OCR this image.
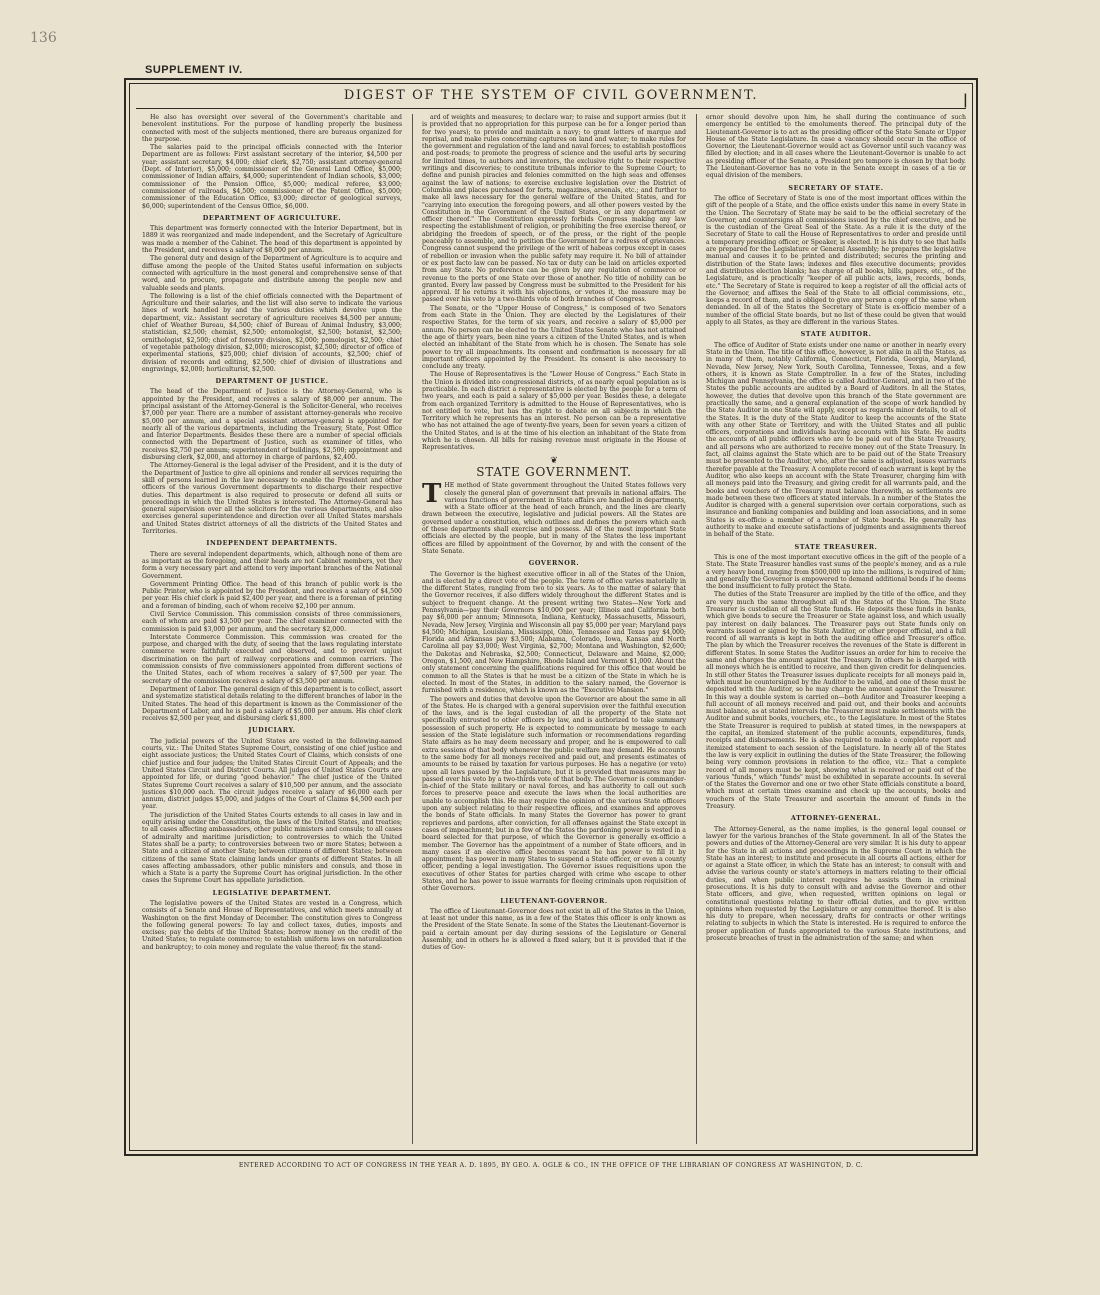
136
SUPPLEMENT IV.
DIGEST OF THE SYSTEM OF CIVIL GOVERNMENT.	|

He also has oversight over several of the Government's charitable and benevolent institutions. For the purpose of handling properly the business connected with most of the subjects mentioned, there are bureaus organized for the purpose.

The salaries paid to the principal officials connected with the Interior Department are as follows: First assistant secretary of the interior, $4,500 per year; assistant secretary, $4,000; chief clerk, $2,750; assistant attorney-general (Dept. of Interior), $5,000; commissioner of the General Land Office, $5,000; commissioner of Indian affairs, $4,000; superintendent of Indian schools, $3,000; commissioner of the Pension Office, $5,000; medical referee, $3,000; commissioner of railroads, $4,500; commissioner of the Patent Office, $5,000; commissioner of the Education Office, $3,000; director of geological surveys, $6,000; superintendent of the Census Office, $6,000.

DEPARTMENT OF AGRICULTURE.

This department was formerly connected with the Interior Department, but in 1889 it was reorganized and made independent, and the Secretary of Agriculture was made a member of the Cabinet. The head of this department is appointed by the President, and receives a salary of $8,000 per annum.

The general duty and design of the Department of Agriculture is to acquire and diffuse among the people of the United States useful information on subjects connected with agriculture in the most general and comprehensive sense of that word, and to procure, propagate and distribute among the people new and valuable seeds and plants.

The following is a list of the chief officials connected with the Department of Agriculture and their salaries, and the list will also serve to indicate the various lines of work handled by and the various duties which devolve upon the department, viz.: Assistant secretary of agriculture receives $4,500 per annum; chief of Weather Bureau, $4,500; chief of Bureau of Animal Industry, $3,000; statistician, $2,500; chemist, $2,500; entomologist, $2,500; botanist, $2,500; ornithologist, $2,500; chief of forestry division, $2,000; pomologist, $2,500; chief of vegetable pathology division, $2,000; microscopist, $2,500; director of office of experimental stations, $25,000; chief division of accounts, $2,500; chief of division of records and editing, $2,500; chief of division of illustrations and engravings, $2,000; horticulturist, $2,500.

DEPARTMENT OF JUSTICE.

The head of the Department of Justice is the Attorney-General, who is appointed by the President, and receives a salary of $8,000 per annum. The principal assistant of the Attorney-General is the Solicitor-General, who receives $7,000 per year. There are a number of assistant attorney-generals who receive $5,000 per annum, and a special assistant attorney-general is appointed for nearly all of the various departments, including the Treasury, State, Post Office and Interior Departments. Besides these there are a number of special officials connected with the Department of Justice, such as examiner of titles, who receives $2,750 per annum; superintendent of buildings, $2,500; appointment and disbursing clerk, $2,000, and attorney in charge of pardons, $2,400.

The Attorney-General is the legal adviser of the President, and it is the duty of the Department of Justice to give all opinions and render all services requiring the skill of persons learned in the law necessary to enable the President and other officers of the various Government departments to discharge their respective duties. This department is also required to prosecute or defend all suits or proceedings in which the United States is interested. The Attorney-General has general supervision over all the solicitors for the various departments, and also exercises general superintendence and direction over all United States marshals and United States district attorneys of all the districts of the United States and Territories.

INDEPENDENT DEPARTMENTS.

There are several independent departments, which, although none of them are as important as the foregoing, and their heads are not Cabinet members, yet they form a very necessary part and attend to very important branches of the National Government.

Government Printing Office. The head of this branch of public work is the Public Printer, who is appointed by the President, and receives a salary of $4,500 per year. His chief clerk is paid $2,400 per year, and there is a foreman of printing and a foreman of binding, each of whom receive $2,100 per annum.

Civil Service Commission. This commission consists of three commissioners, each of whom are paid $3,500 per year. The chief examiner connected with the commission is paid $3,000 per annum, and the secretary $2,000.

Interstate Commerce Commission. This commission was created for the purpose, and charged with the duty, of seeing that the laws regulating interstate commerce were faithfully executed and observed, and to prevent unjust discrimination on the part of railway corporations and common carriers. The commission consists of five commissioners appointed from different sections of the United States, each of whom receives a salary of $7,500 per year. The secretary of the commission receives a salary of $3,500 per annum.

Department of Labor. The general design of this department is to collect, assort and systematize statistical details relating to the different branches of labor in the United States. The head of this department is known as the Commissioner of the Department of Labor, and he is paid a salary of $5,000 per annum. His chief clerk receives $2,500 per year, and disbursing clerk $1,800.

JUDICIARY.

The judicial powers of the United States are vested in the following-named courts, viz.: The United States Supreme Court, consisting of one chief justice and eight associate justices; the United States Court of Claims, which consists of one chief justice and four judges; the United States Circuit Court of Appeals; and the United States Circuit and District Courts. All judges of United States Courts are appointed for life, or during "good behavior." The chief justice of the United States Supreme Court receives a salary of $10,500 per annum, and the associate justices $10,000 each. The circuit judges receive a salary of $6,000 each per annum, district judges $5,000, and judges of the Court of Claims $4,500 each per year.

The jurisdiction of the United States Courts extends to all cases in law and in equity arising under the Constitution, the laws of the United States, and treaties; to all cases affecting ambassadors, other public ministers and consuls; to all cases of admiralty and maritime jurisdiction; to controversies to which the United States shall be a party; to controversies between two or more States; between a State and a citizen of another State; between citizens of different States; between citizens of the same State claiming lands under grants of different States. In all cases affecting ambassadors, other public ministers and consuls, and those in which a State is a party the Supreme Court has original jurisdiction. In the other cases the Supreme Court has appellate jurisdiction.

LEGISLATIVE DEPARTMENT.

The legislative powers of the United States are vested in a Congress, which consists of a Senate and House of Representatives, and which meets annually at Washington on the first Monday of December. The constitution gives to Congress the following general powers: To lay and collect taxes, duties, imposts and excises; pay the debts of the United States; borrow money on the credit of the United States; to regulate commerce; to establish uniform laws on naturalization and bankruptcy; to coin money and regulate the value thereof; fix the stand-

ard of weights and measures; to declare war; to raise and support armies (but it is provided that no appropriation for this purpose can be for a longer period than for two years); to provide and maintain a navy; to grant letters of marque and reprisal, and make rules concerning captures on land and water; to make rules for the government and regulation of the land and naval forces; to establish postoffices and post-roads; to promote the progress of science and the useful arts by securing for limited times, to authors and inventors, the exclusive right to their respective writings and discoveries; to constitute tribunals inferior to the Supreme Court; to define and punish piracies and felonies committed on the high seas and offenses against the law of nations; to exercise exclusive legislation over the District of Columbia and places purchased for forts, magazines, arsenals, etc.; and further to make all laws necessary for the general welfare of the United States, and for "carrying into execution the foregoing powers, and all other powers vested by the Constitution in the Government of the United States, or in any department or officer thereof." The Constitution expressly forbids Congress making any law respecting the establishment of religion, or prohibiting the free exercise thereof, or abridging the freedom of speech, or of the press, or the right of the people peaceably to assemble, and to petition the Government for a redress of grievances. Congress cannot suspend the privilege of the writ of habeas corpus except in cases of rebellion or invasion when the public safety may require it. No bill of attainder or ex post facto law can be passed. No tax or duty can be laid on articles exported from any State. No preference can be given by any regulation of commerce or revenue to the ports of one State over those of another. No title of nobility can be granted. Every law passed by Congress must be submitted to the President for his approval. If he returns it with his objections, or vetoes it, the measure may be passed over his veto by a two-thirds vote of both branches of Congress.

The Senate, or the "Upper House of Congress," is composed of two Senators from each State in the Union. They are elected by the Legislatures of their respective States, for the term of six years, and receive a salary of $5,000 per annum. No person can be elected to the United States Senate who has not attained the age of thirty years, been nine years a citizen of the United States, and is when elected an inhabitant of the State from which he is chosen. The Senate has sole power to try all impeachments. Its consent and confirmation is necessary for all important officers appointed by the President. Its consent is also necessary to conclude any treaty.

The House of Representatives is the "Lower House of Congress." Each State in the Union is divided into congressional districts, of as nearly equal population as is practicable. In each district a representative is elected by the people for a term of two years, and each is paid a salary of $5,000 per year. Besides these, a delegate from each organized Territory is admitted to the House of Representatives, who is not entitled to vote, but has the right to debate on all subjects in which the Territory which he represents has an interest. No person can be a representative who has not attained the age of twenty-five years, been for seven years a citizen of the United States, and is at the time of his election an inhabitant of the State from which he is chosen. All bills for raising revenue must originate in the House of Representatives.

❦
STATE GOVERNMENT.

THE method of State government throughout the United States follows very closely the general plan of government that prevails in national affairs. The various functions of government in State affairs are handled in departments, with a State officer at the head of each branch, and the lines are clearly drawn between the executive, legislative and judicial powers. All the States are governed under a constitution, which outlines and defines the powers which each of these departments shall exercise and possess. All of the most important State officials are elected by the people, but in many of the States the less important offices are filled by appointment of the Governor, by and with the consent of the State Senate.

GOVERNOR.

The Governor is the highest executive officer in all of the States of the Union, and is elected by a direct vote of the people. The term of office varies materially in the different States, ranging from two to six years. As to the matter of salary that the Governor receives, it also differs widely throughout the different States and is subject to frequent change. At the present writing two States—New York and Pennsylvania—pay their Governors $10,000 per year; Illinois and California both pay $6,000 per annum; Minnesota, Indiana, Kentucky, Massachusetts, Missouri, Nevada, New Jersey, Virginia and Wisconsin all pay $5,000 per year; Maryland pays $4,500; Michigan, Louisiana, Mississippi, Ohio, Tennessee and Texas pay $4,000; Florida and Arkansas pay $3,500; Alabama, Colorado, Iowa, Kansas and North Carolina all pay $3,000; West Virginia, $2,700; Montana and Washington, $2,600; the Dakotas and Nebraska, $2,500; Connecticut, Delaware and Maine, $2,000; Oregon, $1,500, and New Hampshire, Rhode Island and Vermont $1,000. About the only statement concerning the qualifications required for this office that would be common to all the States is that he must be a citizen of the State in which he is elected. In most of the States, in addition to the salary named, the Governor is furnished with a residence, which is known as the "Executive Mansion."

The powers and duties that devolve upon the Governor are about the same in all of the States. He is charged with a general supervision over the faithful execution of the laws, and is the legal custodian of all the property of the State not specifically entrusted to other officers by law, and is authorized to take summary possession of such property. He is expected to communicate by message to each session of the State legislature such information or recommendations regarding State affairs as he may deem necessary and proper, and he is empowered to call extra sessions of that body whenever the public welfare may demand. He accounts to the same body for all moneys received and paid out, and presents estimates of amounts to be raised by taxation for various purposes. He has a negative (or veto) upon all laws passed by the Legislature, but it is provided that measures may be passed over his veto by a two-thirds vote of that body. The Governor is commander-in-chief of the State military or naval forces, and has authority to call out such forces to preserve peace and execute the laws when the local authorities are unable to accomplish this. He may require the opinion of the various State officers upon any subject relating to their respective offices, and examines and approves the bonds of State officials. In many States the Governor has power to grant reprieves and pardons, after conviction, for all offenses against the State except in cases of impeachment; but in a few of the States the pardoning power is vested in a board selected for that purpose, of which the Governor is generally ex-officio a member. The Governor has the appointment of a number of State officers, and in many cases if an elective office becomes vacant he has power to fill it by appointment; has power in many States to suspend a State officer, or even a county officer, pending a legal investigation. The Governor issues requisitions upon the executives of other States for parties charged with crime who escape to other States, and he has power to issue warrants for fleeing criminals upon requisition of other Governors.

LIEUTENANT-GOVERNOR.

The office of Lieutenant-Governor does not exist in all of the States in the Union, at least not under this name, as in a few of the States this officer is only known as the President of the State Senate. In some of the States the Lieutenant-Governor is paid a certain amount per day during sessions of the Legislature or General Assembly, and in others he is allowed a fixed salary, but it is provided that if the duties of Gov-

ernor should devolve upon him, he shall during the continuance of such emergency be entitled to the emoluments thereof. The principal duty of the Lieutenant-Governor is to act as the presiding officer of the State Senate or Upper House of the State Legislature. In case a vacancy should occur in the office of Governor, the Lieutenant-Governor would act as Governor until such vacancy was filled by election; and in all cases where the Lieutenant-Governor is unable to act as presiding officer of the Senate, a President pro tempore is chosen by that body. The Lieutenant-Governor has no vote in the Senate except in cases of a tie or equal division of the members.

SECRETARY OF STATE.

The office of Secretary of State is one of the most important offices within the gift of the people of a State, and the office exists under this name in every State in the Union. The Secretary of State may be said to be the official secretary of the Governor, and countersigns all commissions issued by the chief executive, and he is the custodian of the Great Seal of the State. As a rule it is the duty of the Secretary of State to call the House of Representatives to order and preside until a temporary presiding officer, or Speaker, is elected. It is his duty to see that halls are prepared for the Legislature or General Assembly; he prepares the legislative manual and causes it to be printed and distributed; secures the printing and distribution of the State laws; indexes and files executive documents; provides and distributes election blanks; has charge of all books, bills, papers, etc., of the Legislature, and is practically "keeper of all public acts, laws, records, bonds, etc." The Secretary of State is required to keep a register of all the official acts of the Governor, and affixes the Seal of the State to all official commissions, etc., keeps a record of them, and is obliged to give any person a copy of the same when demanded. In all of the States the Secretary of State is ex-officio member of a number of the official State boards, but no list of these could be given that would apply to all States, as they are different in the various States.

STATE AUDITOR.

The office of Auditor of State exists under one name or another in nearly every State in the Union. The title of this office, however, is not alike in all the States, as in many of them, notably California, Connecticut, Florida, Georgia, Maryland, Nevada, New Jersey, New York, South Carolina, Tennessee, Texas, and a few others, it is known as State Comptroller. In a few of the States, including Michigan and Pennsylvania, the office is called Auditor-General, and in two of the States the public accounts are audited by a Board of Auditors. In all the States, however, the duties that devolve upon this branch of the State government are practically the same, and a general explanation of the scope of work handled by the State Auditor in one State will apply, except as regards minor details, to all of the States. It is the duty of the State Auditor to keep the accounts of the State with any other State or Territory, and with the United States and all public officers, corporations and individuals having accounts with his State. He audits the accounts of all public officers who are to be paid out of the State Treasury, and all persons who are authorized to receive money out of the State Treasury. In fact, all claims against the State which are to be paid out of the State Treasury must be presented to the Auditor, who, after the same is adjusted, issues warrants therefor payable at the Treasury. A complete record of each warrant is kept by the Auditor, who also keeps an account with the State Treasurer, charging him with all moneys paid into the Treasury, and giving credit for all warrants paid, and the books and vouchers of the Treasury must balance therewith, as settlements are made between these two officers at stated intervals. In a number of the States the Auditor is charged with a general supervision over certain corporations, such as insurance and banking companies and building and loan associations, and in some States is ex-officio a member of a number of State boards. He generally has authority to make and execute satisfactions of judgments and assignments thereof in behalf of the State.

STATE TREASURER.

This is one of the most important executive offices in the gift of the people of a State. The State Treasurer handles vast sums of the people's money, and as a rule a very heavy bond, ranging from $500,000 up into the millions, is required of him; and generally the Governor is empowered to demand additional bonds if he deems the bond insufficient to fully protect the State.

The duties of the State Treasurer are implied by the title of the office, and they are very much the same throughout all of the States of the Union. The State Treasurer is custodian of all the State funds. He deposits these funds in banks, which give bonds to secure the Treasurer or State against loss, and which usually pay interest on daily balances. The Treasurer pays out State funds only on warrants issued or signed by the State Auditor, or other proper official, and a full record of all warrants is kept in both the auditing office and Treasurer's office. The plan by which the Treasurer receives the revenues of the State is different in different States. In some States the Auditor issues an order for him to receive the same and charges the amount against the Treasury. In others he is charged with all moneys which he is entitled to receive, and then given credit for delinquencies. In still other States the Treasurer issues duplicate receipts for all moneys paid in, which must be countersigned by the Auditor to be valid, and one of these must be deposited with the Auditor, so he may charge the amount against the Treasurer. In this way a double system is carried on—both Auditor and Treasurer keeping a full account of all moneys received and paid out, and their books and accounts must balance, as at stated intervals the Treasurer must make settlements with the Auditor and submit books, vouchers, etc., to the Legislature. In most of the States the State Treasurer is required to publish at stated times, in the newspapers at the capital, an itemized statement of the public accounts, expenditures, funds, receipts and disbursements. He is also required to make a complete report and itemized statement to each session of the Legislature. In nearly all of the States the law is very explicit in outlining the duties of the State Treasurer, the following being very common provisions in relation to the office, viz.: That a complete record of all moneys must be kept, showing what is received or paid out of the various "funds," which "funds" must be exhibited in separate accounts. In several of the States the Governor and one or two other State officials constitute a board, which must at certain times examine and check up the accounts, books and vouchers of the State Treasurer and ascertain the amount of funds in the Treasury.

ATTORNEY-GENERAL.

The Attorney-General, as the name implies, is the general legal counsel or lawyer for the various branches of the State government. In all of the States the powers and duties of the Attorney-General are very similar. It is his duty to appear for the State in all actions and proceedings in the Supreme Court in which the State has an interest; to institute and prosecute in all courts all actions, either for or against a State officer, in which the State has an interest; to consult with and advise the various county or state's attorneys in matters relating to their official duties, and when public interest requires he assists them in criminal prosecutions. It is his duty to consult with and advise the Governor and other State officers, and give, when requested, written opinions on legal or constitutional questions relating to their official duties, and to give written opinions when requested by the Legislature or any committee thereof. It is also his duty to prepare, when necessary, drafts for contracts or other writings relating to subjects in which the State is interested. He is required to enforce the proper application of funds appropriated to the various State institutions, and prosecute breaches of trust in the administration of the same; and when

ENTERED ACCORDING TO ACT OF CONGRESS IN THE YEAR A. D. 1895, BY GEO. A. OGLE & CO., IN THE OFFICE OF THE LIBRARIAN OF CONGRESS AT WASHINGTON, D. C.
